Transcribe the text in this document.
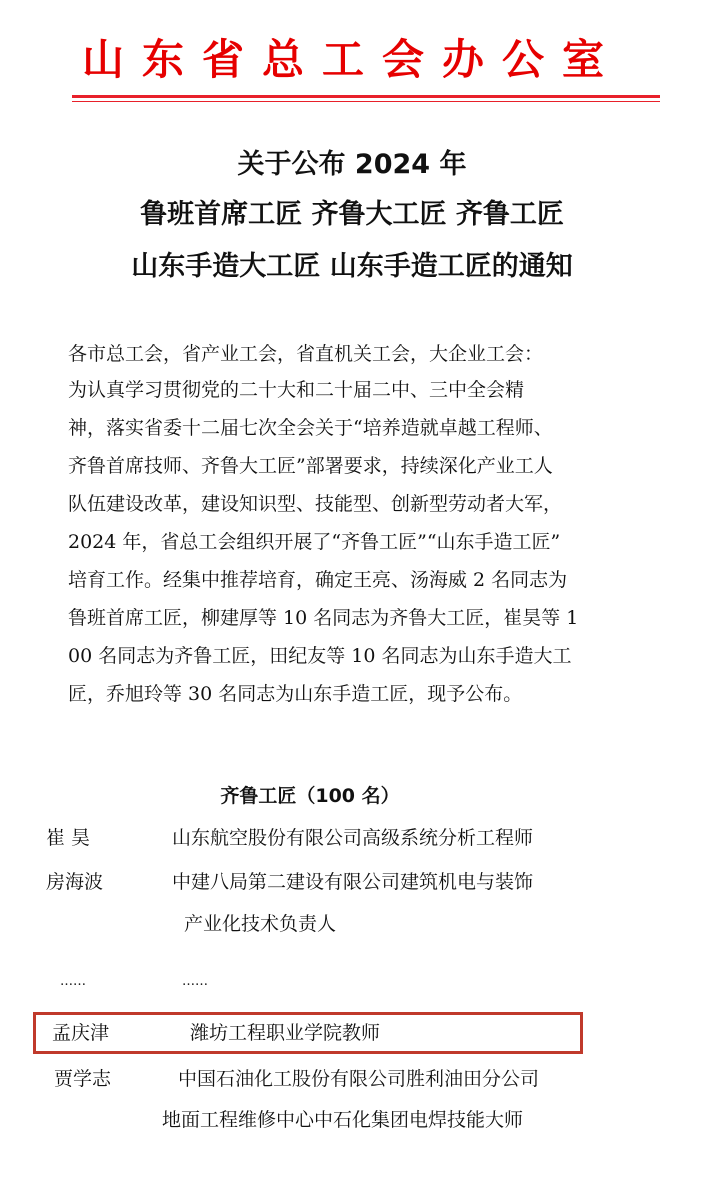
山东省总工会办公室
关于公布 2024 年
鲁班首席工匠 齐鲁大工匠 齐鲁工匠
山东手造大工匠 山东手造工匠的通知
各市总工会，省产业工会，省直机关工会，大企业工会：
为认真学习贯彻党的二十大和二十届二中、三中全会精
神，落实省委十二届七次全会关于“培养造就卓越工程师、
齐鲁首席技师、齐鲁大工匠”部署要求，持续深化产业工人
队伍建设改革，建设知识型、技能型、创新型劳动者大军，
2024 年，省总工会组织开展了“齐鲁工匠”“山东手造工匠”
培育工作。经集中推荐培育，确定王亮、汤海威 2 名同志为
鲁班首席工匠，柳建厚等 10 名同志为齐鲁大工匠，崔昊等 1
00 名同志为齐鲁工匠，田纪友等 10 名同志为山东手造大工
匠，乔旭玲等 30 名同志为山东手造工匠，现予公布。
齐鲁工匠（100 名）
崔 昊	山东航空股份有限公司高级系统分析工程师
房海波	中建八局第二建设有限公司建筑机电与装饰
产业化技术负责人
……	……
孟庆津	潍坊工程职业学院教师
贾学志	中国石油化工股份有限公司胜利油田分公司
地面工程维修中心中石化集团电焊技能大师
